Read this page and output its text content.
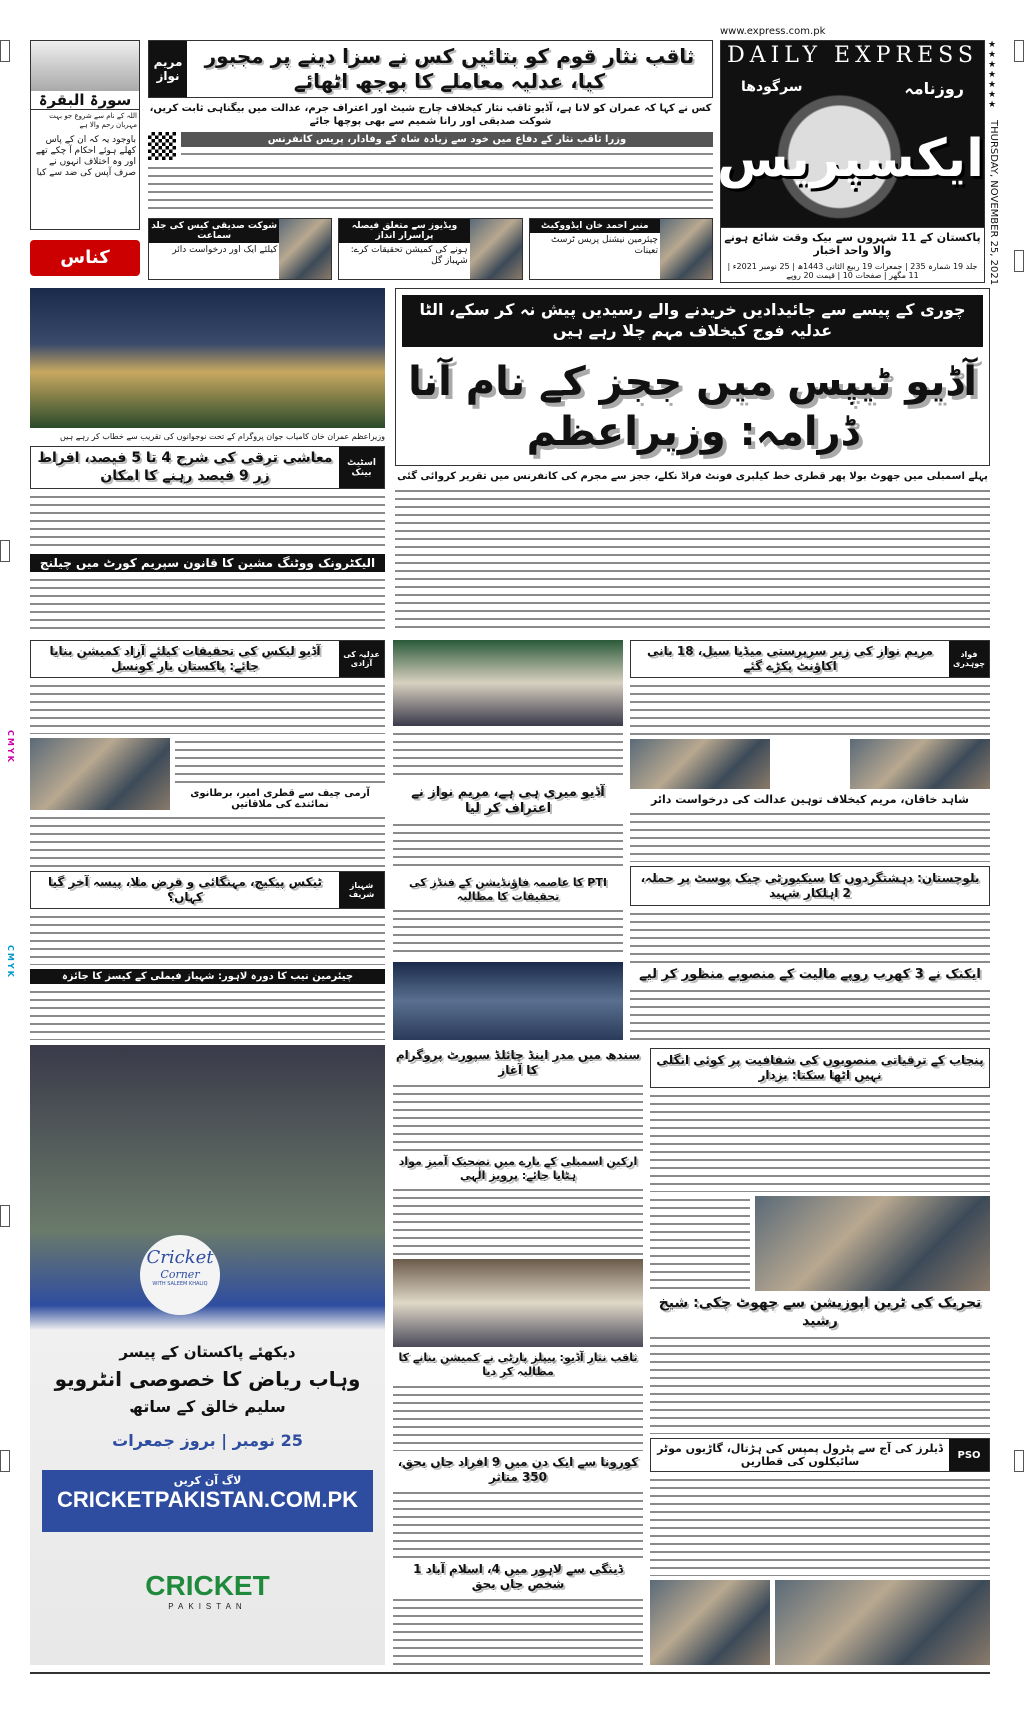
CMYK
CMYK
www.express.com.pk
DAILY EXPRESS
روزنامہ
ایکسپریس
سرگودھا
پاکستان کے 11 شہروں سے بیک وقت شائع ہونے والا واحد اخبار
جلد 19 شمارہ 235 | جمعرات 19 ربیع الثانی 1443ھ | 25 نومبر 2021ء | 11 مگھر | صفحات 10 | قیمت 20 روپے
★
★
★
★
★
★
★
THURSDAY, NOVEMBER 25, 2021
سورۃ البقرۃ
اللہ کے نام سے شروع جو بہت مہربان رحم والا ہے
باوجود یہ کہ ان کے پاس کھلے ہوئے احکام آ چکے تھے اور وہ اختلاف انہوں نے صرف آپس کی ضد سے کیا
کناس
ثاقب نثار قوم کو بتائیں کس نے سزا دینے پر مجبور کیا، عدلیہ معاملے کا بوجھ اٹھائے
مریم نواز
کس نے کہا کہ عمران کو لانا ہے، آڈیو ثاقب نثار کیخلاف چارج شیٹ اور اعتراف جرم، عدالت میں بیگناہی ثابت کریں، شوکت صدیقی اور رانا شمیم سے بھی پوچھا جائے
وزرا ثاقب نثار کے دفاع میں خود سے زیادہ شاہ کے وفادار، پریس کانفرنس
منیر احمد خان ایڈووکیٹ
چیئرمین نیشنل پریس ٹرسٹ تعینات
ویڈیوز سے متعلق فیصلہ پراسرار انداز
ہونے کی کمیشن تحقیقات کرے: شہباز گل
شوکت صدیقی کیس کی جلد سماعت
کیلئے ایک اور درخواست دائر
وزیراعظم عمران خان کامیاب جوان پروگرام کے تحت نوجوانوں کی تقریب سے خطاب کر رہے ہیں
اسٹیٹ بینک
معاشی ترقی کی شرح 4 تا 5 فیصد، افراط زر 9 فیصد رہنے کا امکان
الیکٹرونک ووٹنگ مشین کا قانون سپریم کورٹ میں چیلنج
چوری کے پیسے سے جائیدادیں خریدنے والے رسیدیں پیش نہ کر سکے، الٹا عدلیہ فوج کیخلاف مہم چلا رہے ہیں
آڈیو ٹیپس میں ججز کے نام آنا ڈرامہ: وزیراعظم
پہلے اسمبلی میں جھوٹ بولا پھر قطری خط کیلبری فونٹ فراڈ نکلے، ججز سے مجرم کی کانفرنس میں تقریر کروائی گئی
عدلیہ کی آزادی
آڈیو لیکس کی تحقیقات کیلئے آزاد کمیشن بنایا جائے: پاکستان بار کونسل
آرمی چیف سے قطری امیر، برطانوی نمائندے کی ملاقاتیں
شہباز شریف
ٹیکس پیکیج، مہنگائی و قرض ملا، پیسہ آخر گیا کہاں؟
چیئرمین نیب کا دورہ لاہور: شہباز فیملی کے کیسز کا جائزہ
آڈیو میری ہی ہے، مریم نواز نے اعتراف کر لیا
PTI کا عاصمہ فاؤنڈیشن کے فنڈز کی تحقیقات کا مطالبہ
فواد چوہدری
مریم نواز کی زیر سرپرستی میڈیا سیل، 18 بانی اکاؤنٹ پکڑے گئے
شاہد خاقان، مریم کیخلاف توہین عدالت کی درخواست دائر
بلوچستان: دہشتگردوں کا سیکیورٹی چیک پوسٹ پر حملہ، 2 اہلکار شہید
ایکنک نے 3 کھرب روپے مالیت کے منصوبے منظور کر لیے
Cricket
Corner
WITH SALEEM KHALIQ
دیکھئے پاکستان کے پیسر
وہاب ریاض کا خصوصی انٹرویو
سلیم خالق کے ساتھ
25 نومبر | بروز جمعرات
لاگ آن کریں
CRICKETPAKISTAN.COM.PK
CRICKET
PAKISTAN
سندھ میں مدر اینڈ چائلڈ سپورٹ پروگرام کا آغاز
ارکین اسمبلی کے بارے میں تضحیک آمیز مواد ہٹایا جائے: پرویز الٰہی
ثاقب نثار آڈیو: پیپلز پارٹی نے کمیشن بنانے کا مطالبہ کر دیا
کورونا سے ایک دن میں 9 افراد جاں بحق، 350 متاثر
ڈینگی سے لاہور میں 4، اسلام آباد 1 شخص جاں بحق
پنجاب کے ترقیاتی منصوبوں کی شفافیت پر کوئی انگلی نہیں اٹھا سکتا: بزدار
تحریک کی ٹرین اپوزیشن سے چھوٹ چکی: شیخ رشید
PSO
ڈیلرز کی آج سے پٹرول پمپس کی ہڑتال، گاڑیوں موٹر سائیکلوں کی قطاریں
